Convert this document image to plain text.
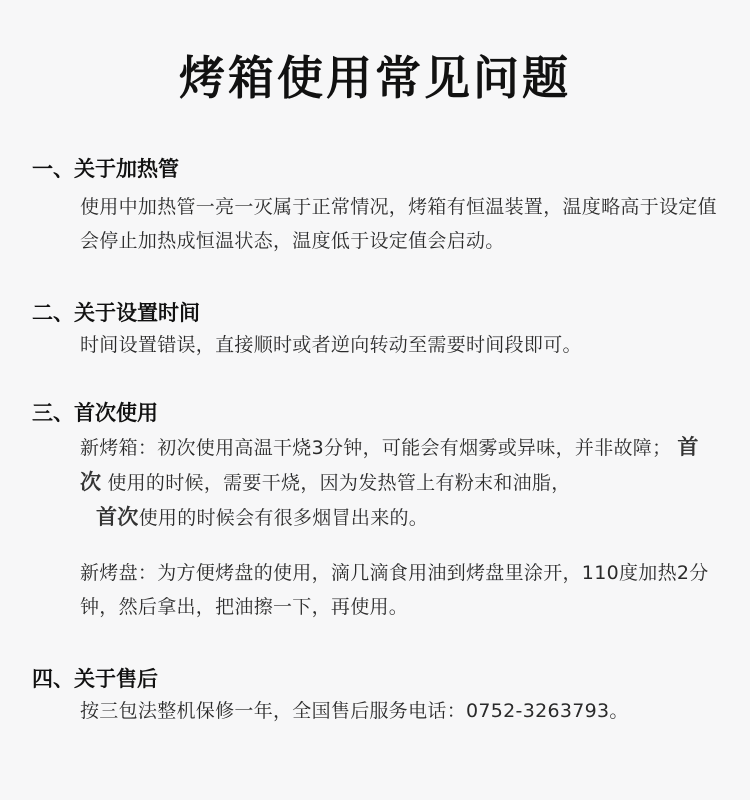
烤箱使用常见问题
一、关于加热管
使用中加热管一亮一灭属于正常情况，烤箱有恒温装置，温度略高于设定值会停止加热成恒温状态，温度低于设定值会启动。
二、关于设置时间
时间设置错误，直接顺时或者逆向转动至需要时间段即可。
三、首次使用
新烤箱：初次使用高温干烧3分钟，可能会有烟雾或异味，并非故障； 首次 使用的时候，需要干烧，因为发热管上有粉末和油脂，
首次使用的时候会有很多烟冒出来的。
新烤盘：为方便烤盘的使用，滴几滴食用油到烤盘里涂开，110度加热2分钟，然后拿出，把油擦一下，再使用。
四、关于售后
按三包法整机保修一年，全国售后服务电话：0752-3263793。
